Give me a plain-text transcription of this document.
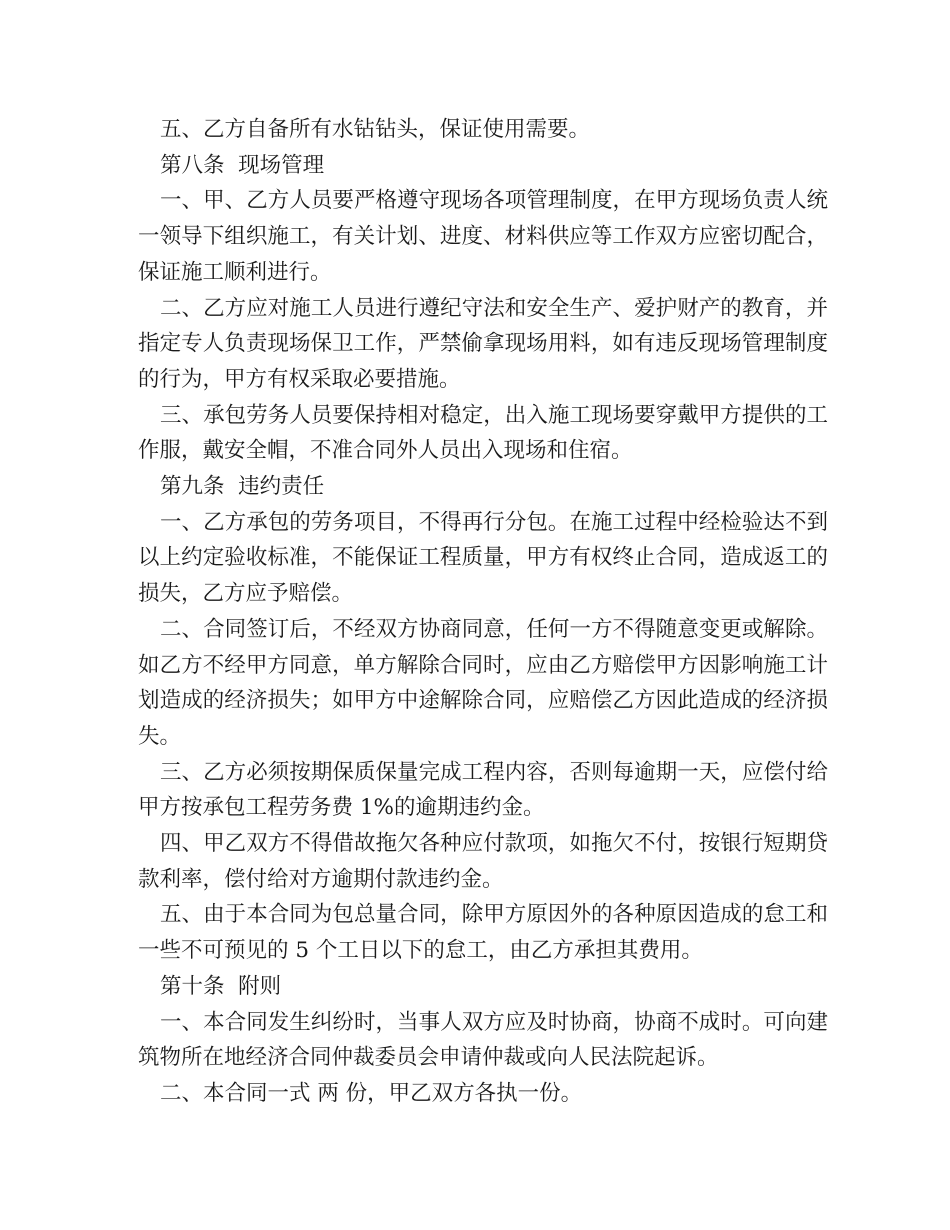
五、乙方自备所有水钻钻头，保证使用需要。

第八条  现场管理

一、甲、乙方人员要严格遵守现场各项管理制度，在甲方现场负责人统一领导下组织施工，有关计划、进度、材料供应等工作双方应密切配合，保证施工顺利进行。

二、乙方应对施工人员进行遵纪守法和安全生产、爱护财产的教育，并指定专人负责现场保卫工作，严禁偷拿现场用料，如有违反现场管理制度的行为，甲方有权采取必要措施。

三、承包劳务人员要保持相对稳定，出入施工现场要穿戴甲方提供的工作服，戴安全帽，不准合同外人员出入现场和住宿。

第九条  违约责任

一、乙方承包的劳务项目，不得再行分包。在施工过程中经检验达不到以上约定验收标准，不能保证工程质量，甲方有权终止合同，造成返工的损失，乙方应予赔偿。

二、合同签订后，不经双方协商同意，任何一方不得随意变更或解除。如乙方不经甲方同意，单方解除合同时，应由乙方赔偿甲方因影响施工计划造成的经济损失；如甲方中途解除合同，应赔偿乙方因此造成的经济损失。

三、乙方必须按期保质保量完成工程内容，否则每逾期一天，应偿付给甲方按承包工程劳务费 1%的逾期违约金。

四、甲乙双方不得借故拖欠各种应付款项，如拖欠不付，按银行短期贷款利率，偿付给对方逾期付款违约金。

五、由于本合同为包总量合同，除甲方原因外的各种原因造成的怠工和一些不可预见的 5 个工日以下的怠工，由乙方承担其费用。

第十条  附则

一、本合同发生纠纷时，当事人双方应及时协商，协商不成时。可向建筑物所在地经济合同仲裁委员会申请仲裁或向人民法院起诉。

二、本合同一式 两 份，甲乙双方各执一份。
